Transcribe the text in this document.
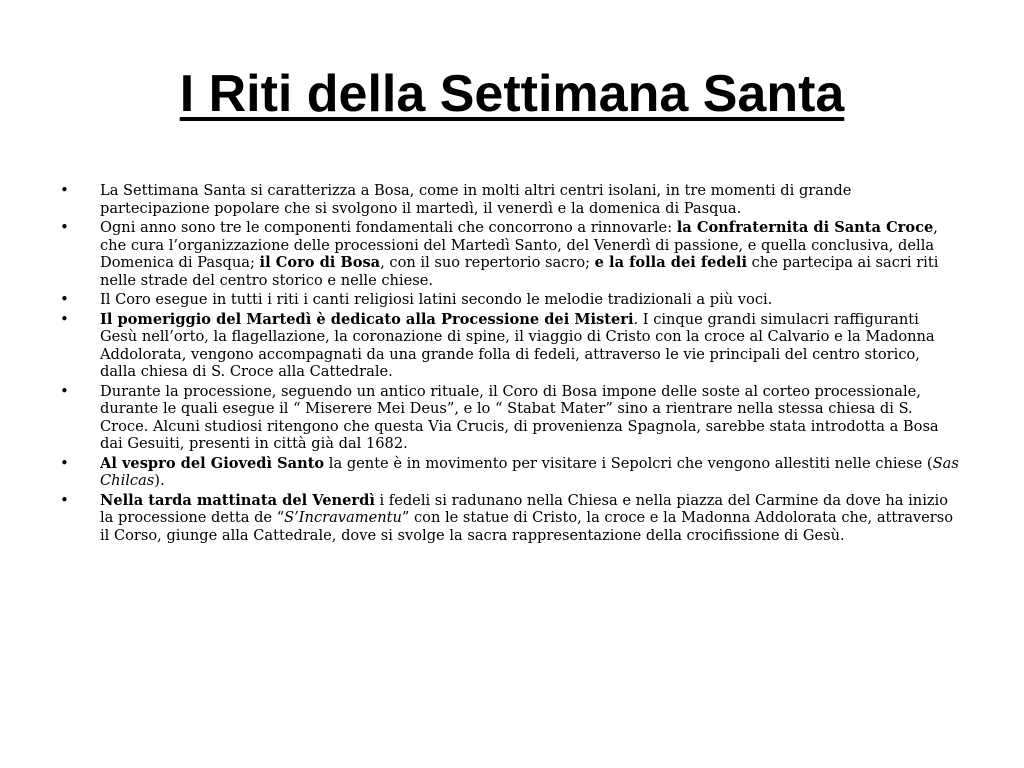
I Riti della Settimana Santa
• La Settimana Santa si caratterizza a Bosa, come in molti altri centri isolani, in tre momenti di grande partecipazione popolare che si svolgono il martedì, il venerdì e la domenica di Pasqua.
• Ogni anno sono tre le componenti fondamentali che concorrono a rinnovarle: la Confraternita di Santa Croce, che cura l’organizzazione delle processioni del Martedì Santo, del Venerdì di passione, e quella conclusiva, della Domenica di Pasqua; il Coro di Bosa, con il suo repertorio sacro; e la folla dei fedeli che partecipa ai sacri riti nelle strade del centro storico e nelle chiese.
• Il Coro esegue in tutti i riti i canti religiosi latini secondo le melodie tradizionali a più voci.
• Il pomeriggio del Martedì è dedicato alla Processione dei Misteri. I cinque grandi simulacri raffiguranti Gesù nell’orto, la flagellazione, la coronazione di spine, il viaggio di Cristo con la croce al Calvario e la Madonna Addolorata, vengono accompagnati da una grande folla di fedeli, attraverso le vie principali del centro storico, dalla chiesa di S. Croce alla Cattedrale.
• Durante la processione, seguendo un antico rituale, il Coro di Bosa impone delle soste al corteo processionale, durante le quali esegue il “ Miserere Mei Deus”, e lo “ Stabat Mater” sino a rientrare nella stessa chiesa di S. Croce. Alcuni studiosi ritengono che questa Via Crucis, di provenienza Spagnola, sarebbe stata introdotta a Bosa dai Gesuiti, presenti in città già dal 1682.
• Al vespro del Giovedì Santo la gente è in movimento per visitare i Sepolcri che vengono allestiti nelle chiese (Sas Chilcas).
• Nella tarda mattinata del Venerdì i fedeli si radunano nella Chiesa e nella piazza del Carmine da dove ha inizio la processione detta de “S’Incravamentu” con le statue di Cristo, la croce e la Madonna Addolorata che, attraverso il Corso, giunge alla Cattedrale, dove si svolge la sacra rappresentazione della crocifissione di Gesù.
